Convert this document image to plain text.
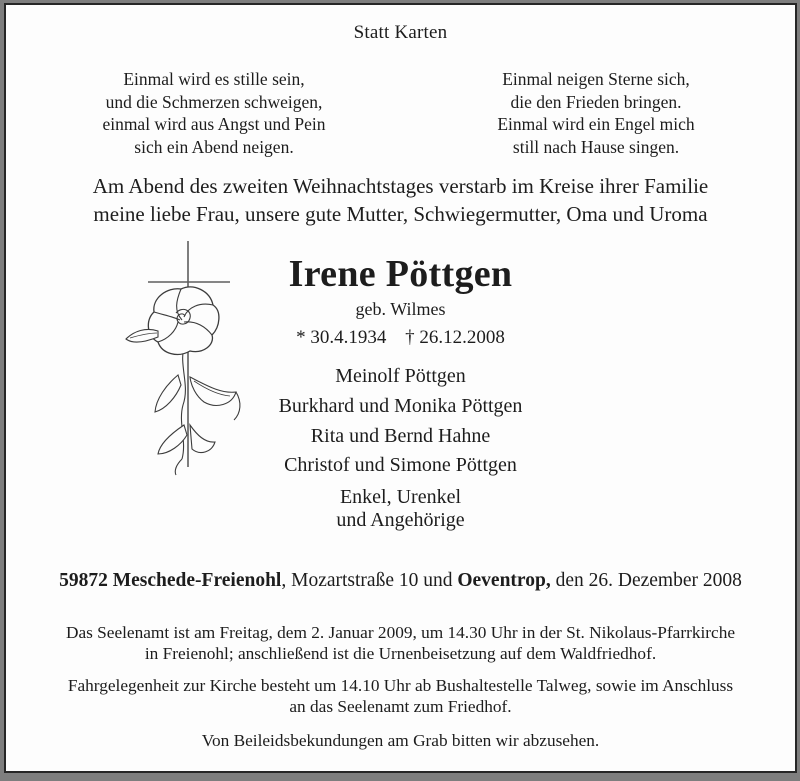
Statt Karten
Einmal wird es stille sein,
und die Schmerzen schweigen,
einmal wird aus Angst und Pein
sich ein Abend neigen.
Einmal neigen Sterne sich,
die den Frieden bringen.
Einmal wird ein Engel mich
still nach Hause singen.
Am Abend des zweiten Weihnachtstages verstarb im Kreise ihrer Familie
meine liebe Frau, unsere gute Mutter, Schwiegermutter, Oma und Uroma
Irene Pöttgen
geb. Wilmes
* 30.4.1934 † 26.12.2008
Meinolf Pöttgen
Burkhard und Monika Pöttgen
Rita und Bernd Hahne
Christof und Simone Pöttgen
Enkel, Urenkel
und Angehörige
59872 Meschede-Freienohl, Mozartstraße 10 und Oeventrop, den 26. Dezember 2008
Das Seelenamt ist am Freitag, dem 2. Januar 2009, um 14.30 Uhr in der St. Nikolaus-Pfarrkirche
in Freienohl; anschließend ist die Urnenbeisetzung auf dem Waldfriedhof.
Fahrgelegenheit zur Kirche besteht um 14.10 Uhr ab Bushaltestelle Talweg, sowie im Anschluss
an das Seelenamt zum Friedhof.
Von Beileidsbekundungen am Grab bitten wir abzusehen.
